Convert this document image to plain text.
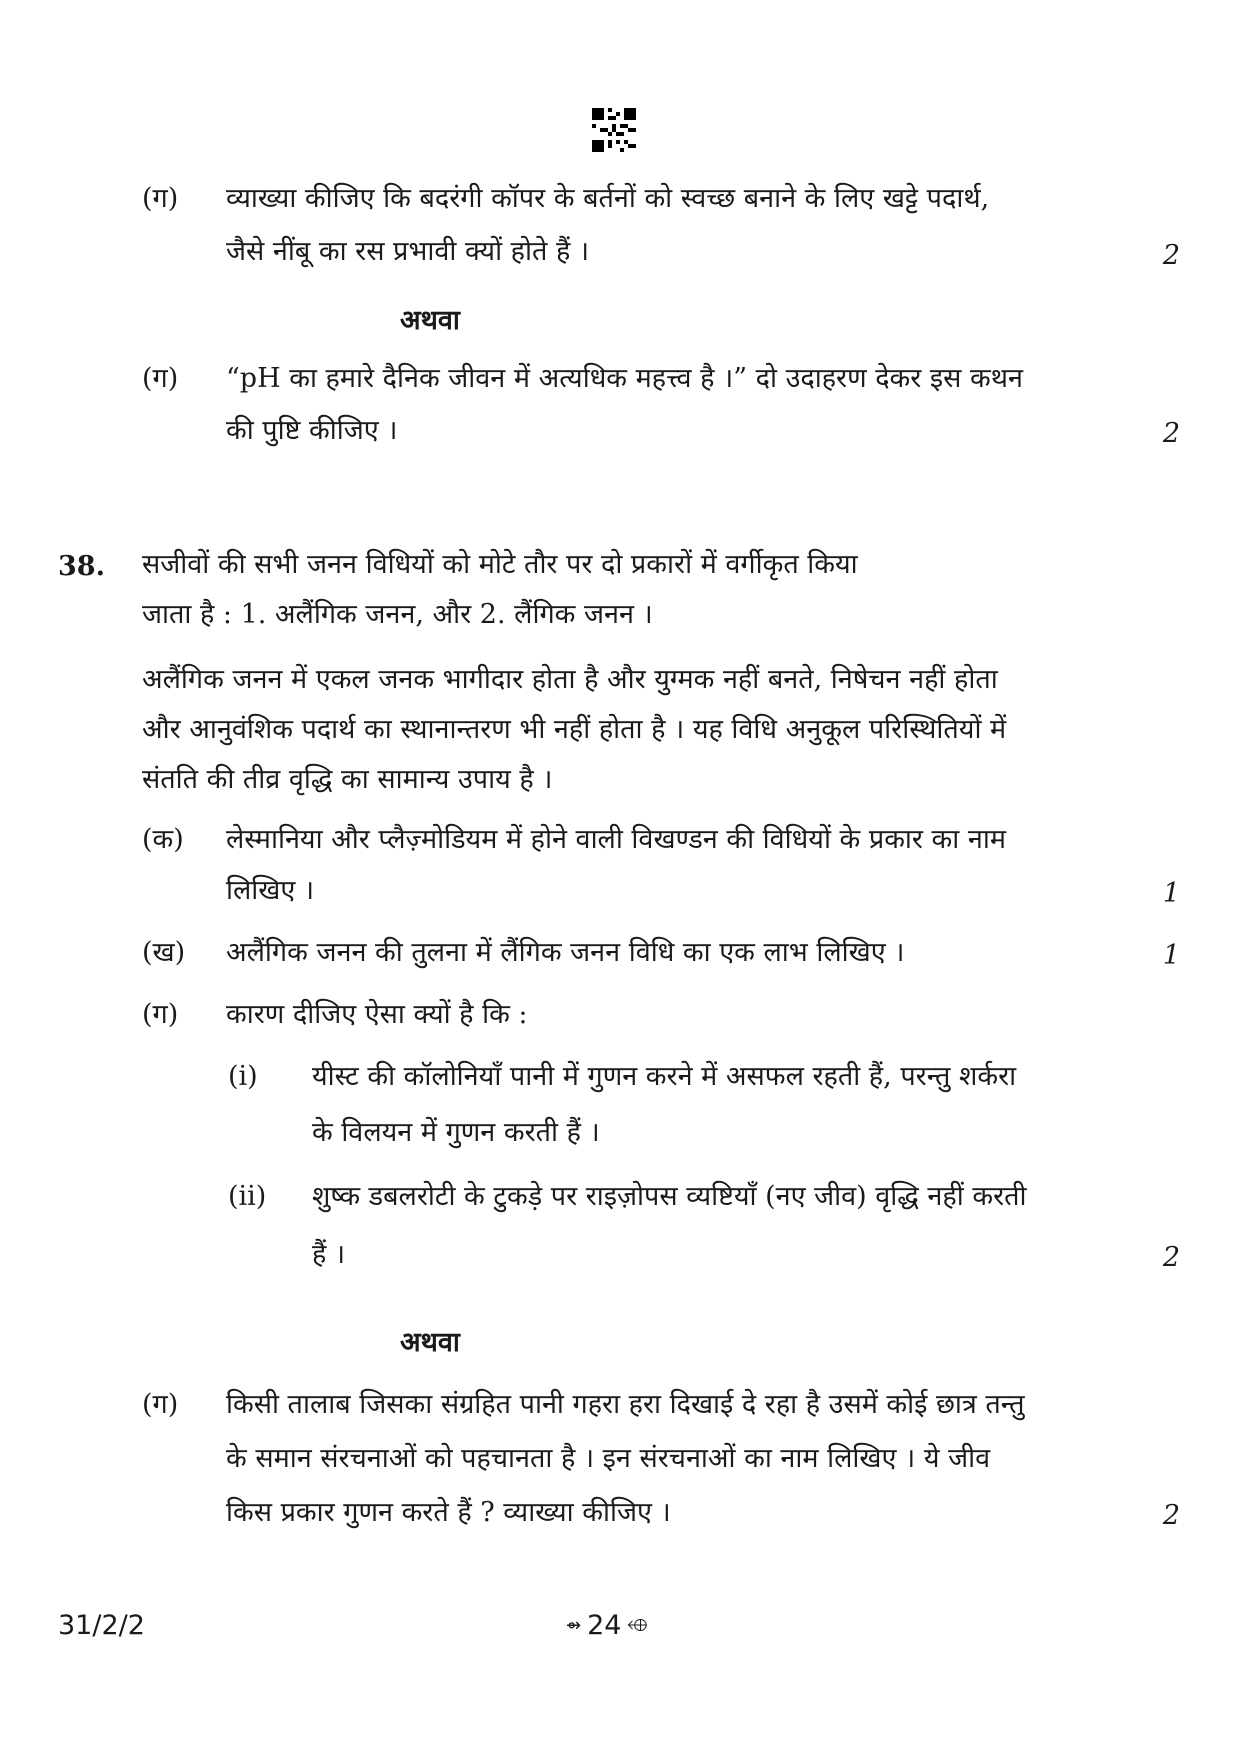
(ग) व्याख्या कीजिए कि बदरंगी कॉपर के बर्तनों को स्वच्छ बनाने के लिए खट्टे पदार्थ,
जैसे नींबू का रस प्रभावी क्यों होते हैं ।	2
अथवा
(ग) “pH का हमारे दैनिक जीवन में अत्यधिक महत्त्व है ।” दो उदाहरण देकर इस कथन
की पुष्टि कीजिए ।	2
38. सजीवों की सभी जनन विधियों को मोटे तौर पर दो प्रकारों में वर्गीकृत किया
जाता है : 1. अलैंगिक जनन, और 2. लैंगिक जनन ।
अलैंगिक जनन में एकल जनक भागीदार होता है और युग्मक नहीं बनते, निषेचन नहीं होता
और आनुवंशिक पदार्थ का स्थानान्तरण भी नहीं होता है । यह विधि अनुकूल परिस्थितियों में
संतति की तीव्र वृद्धि का सामान्य उपाय है ।
(क) लेस्मानिया और प्लैज़्मोडियम में होने वाली विखण्डन की विधियों के प्रकार का नाम
लिखिए ।	1
(ख) अलैंगिक जनन की तुलना में लैंगिक जनन विधि का एक लाभ लिखिए ।	1
(ग) कारण दीजिए ऐसा क्यों है कि :
(i) यीस्ट की कॉलोनियाँ पानी में गुणन करने में असफल रहती हैं, परन्तु शर्करा
के विलयन में गुणन करती हैं ।
(ii) शुष्क डबलरोटी के टुकड़े पर राइज़ोपस व्यष्टियाँ (नए जीव) वृद्धि नहीं करती
हैं ।	2
अथवा
(ग) किसी तालाब जिसका संग्रहित पानी गहरा हरा दिखाई दे रहा है उसमें कोई छात्र तन्तु
के समान संरचनाओं को पहचानता है । इन संरचनाओं का नाम लिखिए । ये जीव
किस प्रकार गुणन करते हैं ? व्याख्या कीजिए ।	2
31/2/2	⇴ 24 ⬲
